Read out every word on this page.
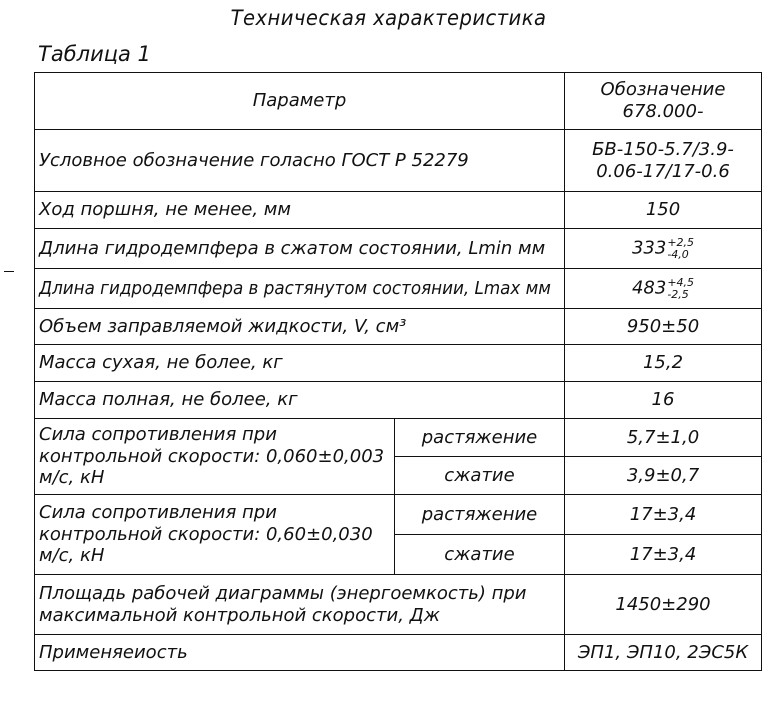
Техническая характеристика
Таблица 1
Параметр		Обозначение
678.000-

Условное обозначение голасно ГОСТ Р 52279		БВ-150-5.7/3.9-
0.06-17/17-0.6

Ход поршня, не менее, мм		150
Длина гидродемпфера в сжатом состоянии, Lmin мм		333 +2,5
-4,0

Длина гидродемпфера в растянутом состоянии, Lmax мм		483 +4,5
-2,5

Объем заправляемой жидкости, V, см³		950±50
Масса сухая, не более, кг		15,2
Масса полная, не более, кг		16
Сила сопротивления при контрольной скорости: 0,060±0,003 м/с, кН	растяжение	5,7±1,0
	сжатие	3,9±0,7
Сила сопротивления при контрольной скорости: 0,60±0,030 м/с, кН	растяжение	17±3,4
	сжатие	17±3,4
Площадь рабочей диаграммы (энергоемкость) при максимальной контрольной скорости, Дж		1450±290
Применяеиость		ЭП1, ЭП10, 2ЭС5К
